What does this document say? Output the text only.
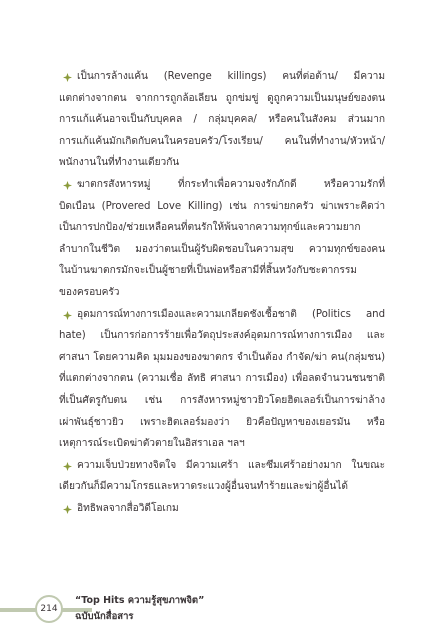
เป็นการล้างแค้น (Revenge killings) คนที่ต่อต้าน/ มีความ
แตกต่างจากตน จากการถูกล้อเลียน ถูกข่มขู่ ดูถูกความเป็นมนุษย์ของตน
การแก้แค้นอาจเป็นกับบุคคล / กลุ่มบุคคล/ หรือคนในสังคม ส่วนมาก
การแก้แค้นมักเกิดกับคนในครอบครัว/โรงเรียน/ คนในที่ทำงาน/หัวหน้า/
พนักงานในที่ทำงานเดียวกัน
ฆาตกรสังหารหมู่ ที่กระทำเพื่อความจงรักภักดี หรือความรักที่
บิดเบือน (Provered Love Killing) เช่น การฆ่ายกครัว ฆ่าเพราะคิดว่า
เป็นการปกป้อง/ช่วยเหลือคนที่ตนรักให้พ้นจากความทุกข์และความยาก
ลำบากในชีวิต มองว่าตนเป็นผู้รับผิดชอบในความสุข ความทุกข์ของคน
ในบ้านฆาตกรมักจะเป็นผู้ชายที่เป็นพ่อหรือสามีที่สิ้นหวังกับชะตากรรม
ของครอบครัว
อุดมการณ์ทางการเมืองและความเกลียดชังเชื้อชาติ (Politics and
hate) เป็นการก่อการร้ายเพื่อวัตถุประสงค์อุดมการณ์ทางการเมือง และ
ศาสนา โดยความคิด มุมมองของฆาตกร จำเป็นต้อง กำจัด/ฆ่า คน(กลุ่มชน)
ที่แตกต่างจากตน (ความเชื่อ ลัทธิ ศาสนา การเมือง) เพื่อลดจำนวนชนชาติ
ที่เป็นศัตรูกับตน เช่น การสังหารหมู่ชาวยิวโดยฮิตเลอร์เป็นการฆ่าล้าง
เผ่าพันธุ์ชาวยิว เพราะฮิตเลอร์มองว่า ยิวคือปัญหาของเยอรมัน หรือ
เหตุการณ์ระเบิดฆ่าตัวตายในอิสราเอล ฯลฯ
ความเจ็บป่วยทางจิตใจ มีความเศร้า และซึมเศร้าอย่างมาก ในขณะ
เดียวกันก็มีความโกรธและหวาดระแวงผู้อื่นจนทำร้ายและฆ่าผู้อื่นได้
อิทธิพลจากสื่อวิดีโอเกม
214
“Top Hits ความรู้สุขภาพจิต”
ฉบับนักสื่อสาร
